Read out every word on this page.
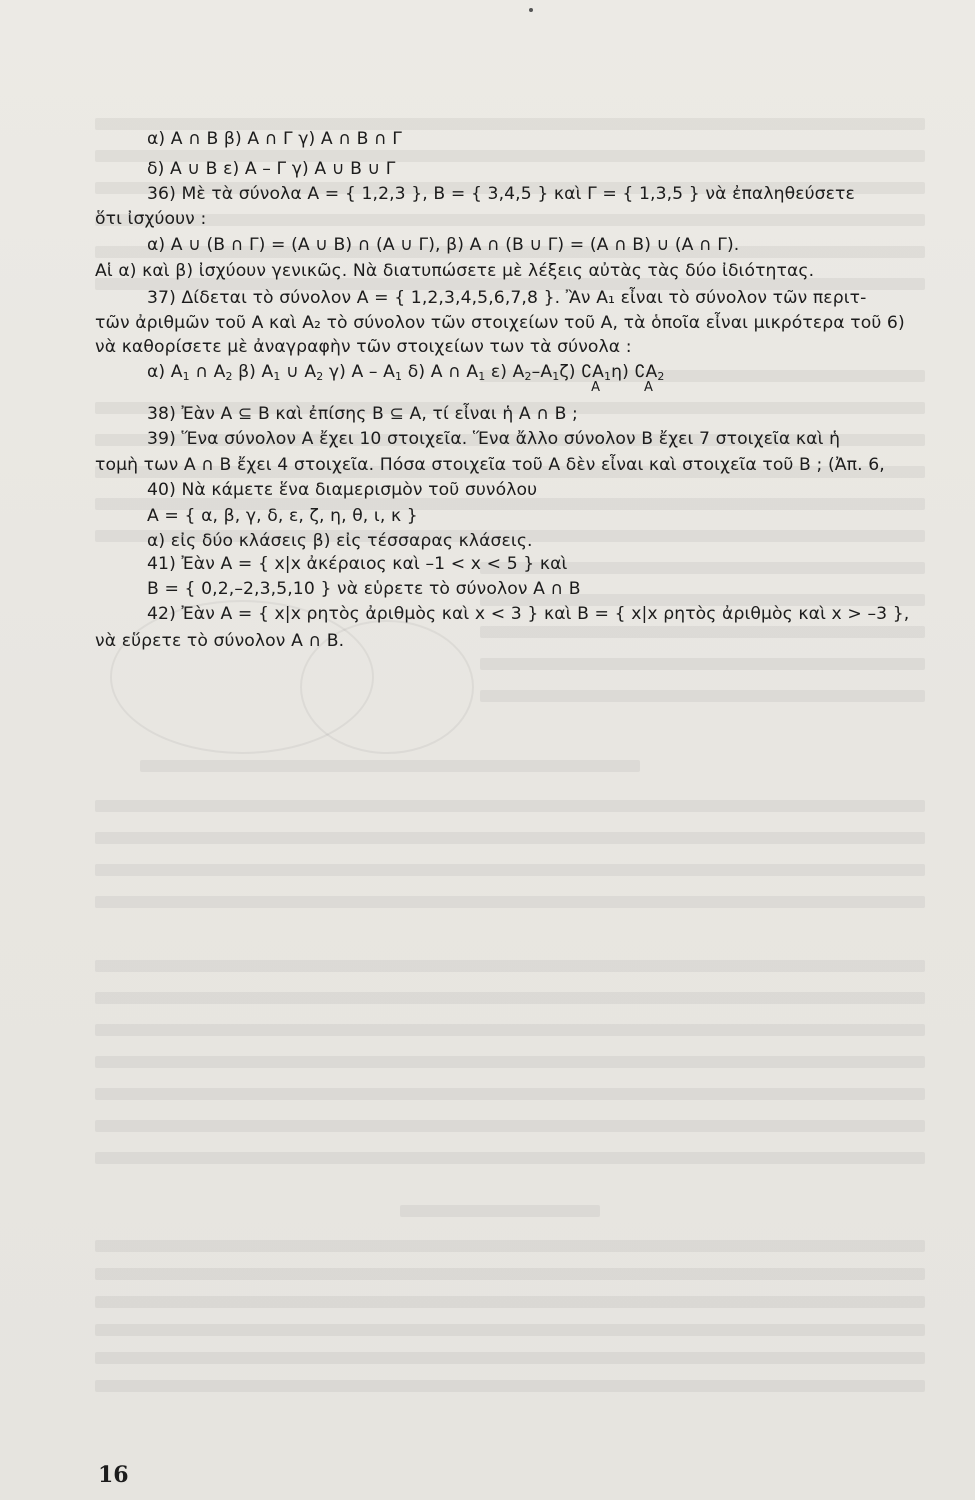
α) A ∩ B β) A ∩ Γ γ) A ∩ B ∩ Γ
δ) A ∪ B ε) A – Γ γ) A ∪ B ∪ Γ
36) Μὲ τὰ σύνολα A = { 1,2,3 }, B = { 3,4,5 } καὶ Γ = { 1,3,5 } νὰ ἐπαληθεύσετε
ὅτι ἰσχύουν :
α) A ∪ (B ∩ Γ) = (A ∪ B) ∩ (A ∪ Γ), β) A ∩ (B ∪ Γ) = (A ∩ B) ∪ (A ∩ Γ).
Αἱ α) καὶ β) ἰσχύουν γενικῶς. Νὰ διατυπώσετε μὲ λέξεις αὐτὰς τὰς δύο ἰδιότητας.
37) Δίδεται τὸ σύνολον A = { 1,2,3,4,5,6,7,8 }. Ἂν A₁ εἶναι τὸ σύνολον τῶν περιτ-
τῶν ἀριθμῶν τοῦ A καὶ A₂ τὸ σύνολον τῶν στοιχείων τοῦ A, τὰ ὁποῖα εἶναι μικρότερα τοῦ 6)
νὰ καθορίσετε μὲ ἀναγραφὴν τῶν στοιχείων των τὰ σύνολα :
α) $A_1$ ∩ $A_2$ β) $A_1$ ∪ $A_2$ γ) A – $A_1$ δ) A ∩ $A_1$ ε) $A_2-A_1\zeta$) $∁A_1$
A
η) $∁A_2$
A
38) Ἐὰν A ⊆ B καὶ ἐπίσης B ⊆ A, τί εἶναι ἡ A ∩ B ;
39) Ἕνα σύνολον A ἔχει 10 στοιχεῖα. Ἕνα ἄλλο σύνολον B ἔχει 7 στοιχεῖα καὶ ἡ
τομὴ των A ∩ B ἔχει 4 στοιχεῖα. Πόσα στοιχεῖα τοῦ A δὲν εἶναι καὶ στοιχεῖα τοῦ B ; (Ἀπ. 6,
40) Νὰ κάμετε ἕνα διαμερισμὸν τοῦ συνόλου
A = { α, β, γ, δ, ε, ζ, η, θ, ι, κ }
α) εἰς δύο κλάσεις β) εἰς τέσσαρας κλάσεις.
41) Ἐὰν A = { x|x ἀκέραιος καὶ –1 < x < 5 } καὶ
B = { 0,2,–2,3,5,10 } νὰ εὑρετε τὸ σύνολον A ∩ B
42) Ἐὰν A = { x|x ρητὸς ἀριθμὸς καὶ x < 3 } καὶ B = { x|x ρητὸς ἀριθμὸς καὶ x > –3 },
νὰ εὕρετε τὸ σύνολον A ∩ B.
16
